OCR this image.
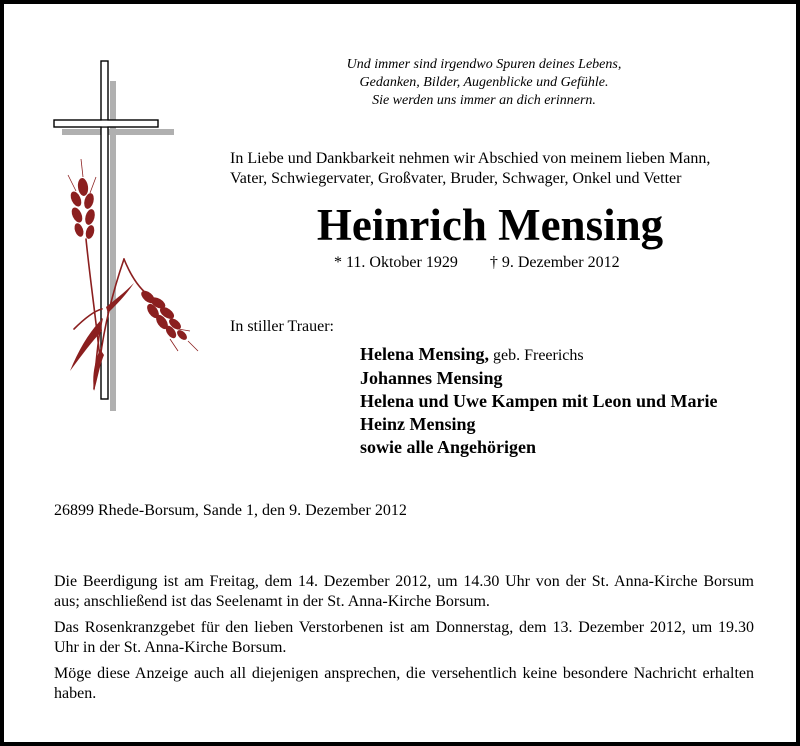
Und immer sind irgendwo Spuren deines Lebens,
Gedanken, Bilder, Augenblicke und Gefühle.
Sie werden uns immer an dich erinnern.
In Liebe und Dankbarkeit nehmen wir Abschied von meinem lieben Mann,
Vater, Schwiegervater, Großvater, Bruder, Schwager, Onkel und Vetter
Heinrich Mensing
* 11. Oktober 1929 † 9. Dezember 2012
In stiller Trauer:
Helena Mensing, geb. Freerichs
Johannes Mensing
Helena und Uwe Kampen mit Leon und Marie
Heinz Mensing
sowie alle Angehörigen
26899 Rhede-Borsum, Sande 1, den 9. Dezember 2012

Die Beerdigung ist am Freitag, dem 14. Dezember 2012, um 14.30 Uhr von der St. Anna-Kirche Borsum aus; anschließend ist das Seelenamt in der St. Anna-Kirche Borsum.

Das Rosenkranzgebet für den lieben Verstorbenen ist am Donnerstag, dem 13. Dezember 2012, um 19.30 Uhr in der St. Anna-Kirche Borsum.

Möge diese Anzeige auch all diejenigen ansprechen, die versehentlich keine besondere Nachricht erhalten haben.
